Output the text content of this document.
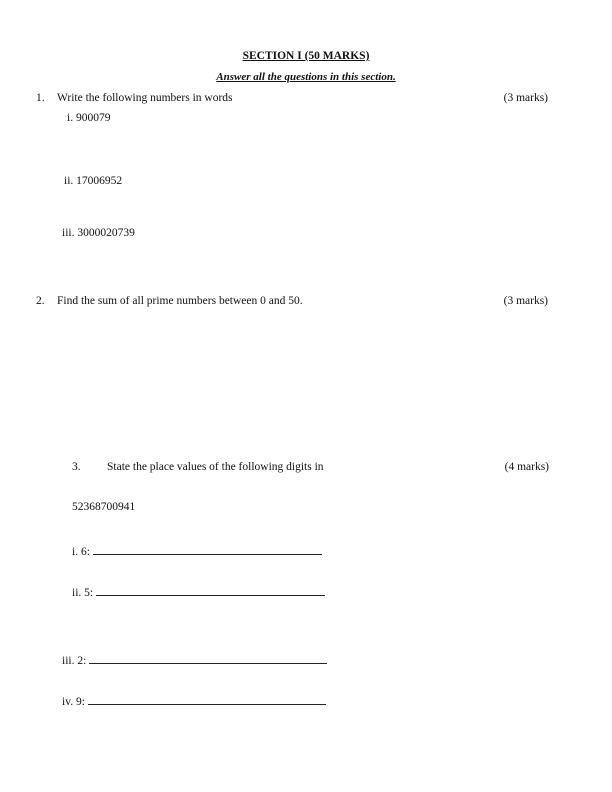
SECTION I (50 MARKS)
Answer all the questions in this section.
1. Write the following numbers in words	(3 marks)
i. 900079
ii. 17006952
iii. 3000020739
2. Find the sum of all prime numbers between 0 and 50.	(3 marks)
3. State the place values of the following digits in	(4 marks)
52368700941
i. 6:
ii. 5:
iii. 2:
iv. 9:
